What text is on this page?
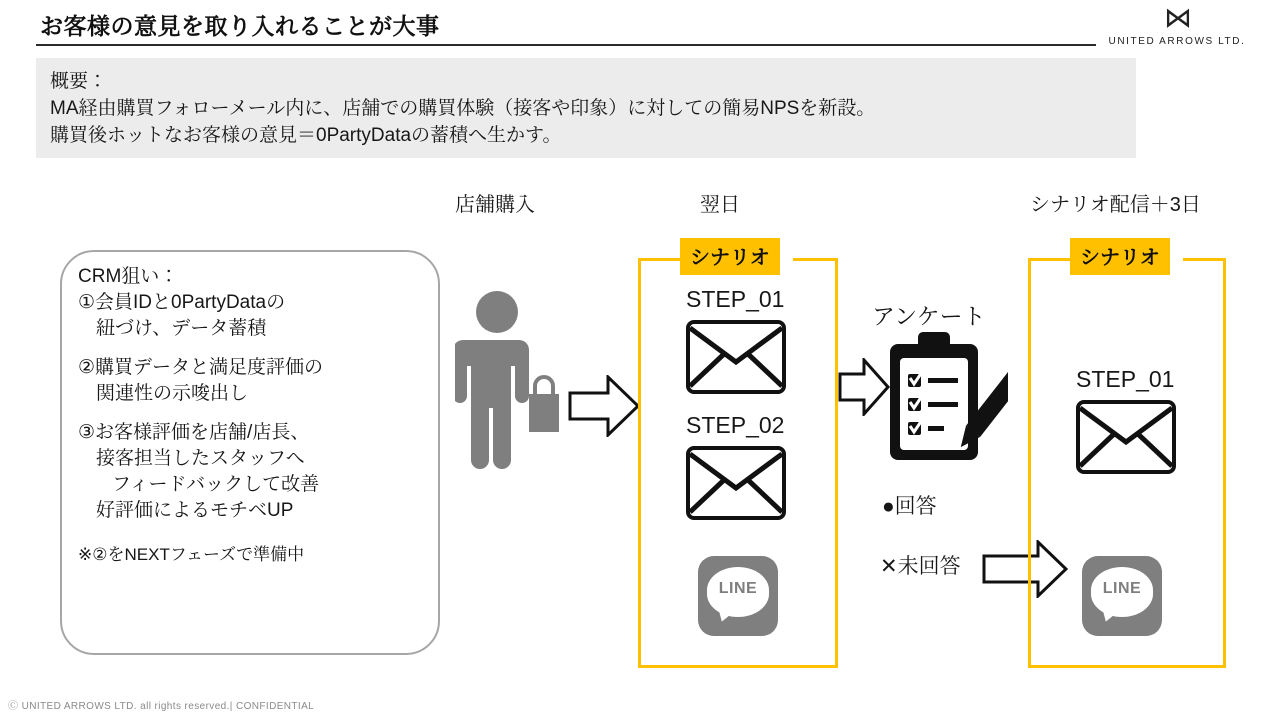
お客様の意見を取り入れることが大事	⋈
UNITED ARROWS LTD.
概要：
MA経由購買フォローメール内に、店舗での購買体験（接客や印象）に対しての簡易NPSを新設。
購買後ホットなお客様の意見＝0PartyDataの蓄積へ生かす。
店舗購入	翌日	シナリオ配信＋3日

CRM狙い：

①会員IDと0PartyDataの

紐づけ、データ蓄積

②購買データと満足度評価の

関連性の示唆出し

③お客様評価を店舗/店長、

接客担当したスタッフへ

フィードバックして改善

好評価によるモチベUP

※②をNEXTフェーズで準備中

シナリオ
STEP_01
STEP_02
LINE
アンケート
●回答
✕未回答
シナリオ
STEP_01
LINE
Ⓒ UNITED ARROWS LTD. all rights reserved.| CONFIDENTIAL
